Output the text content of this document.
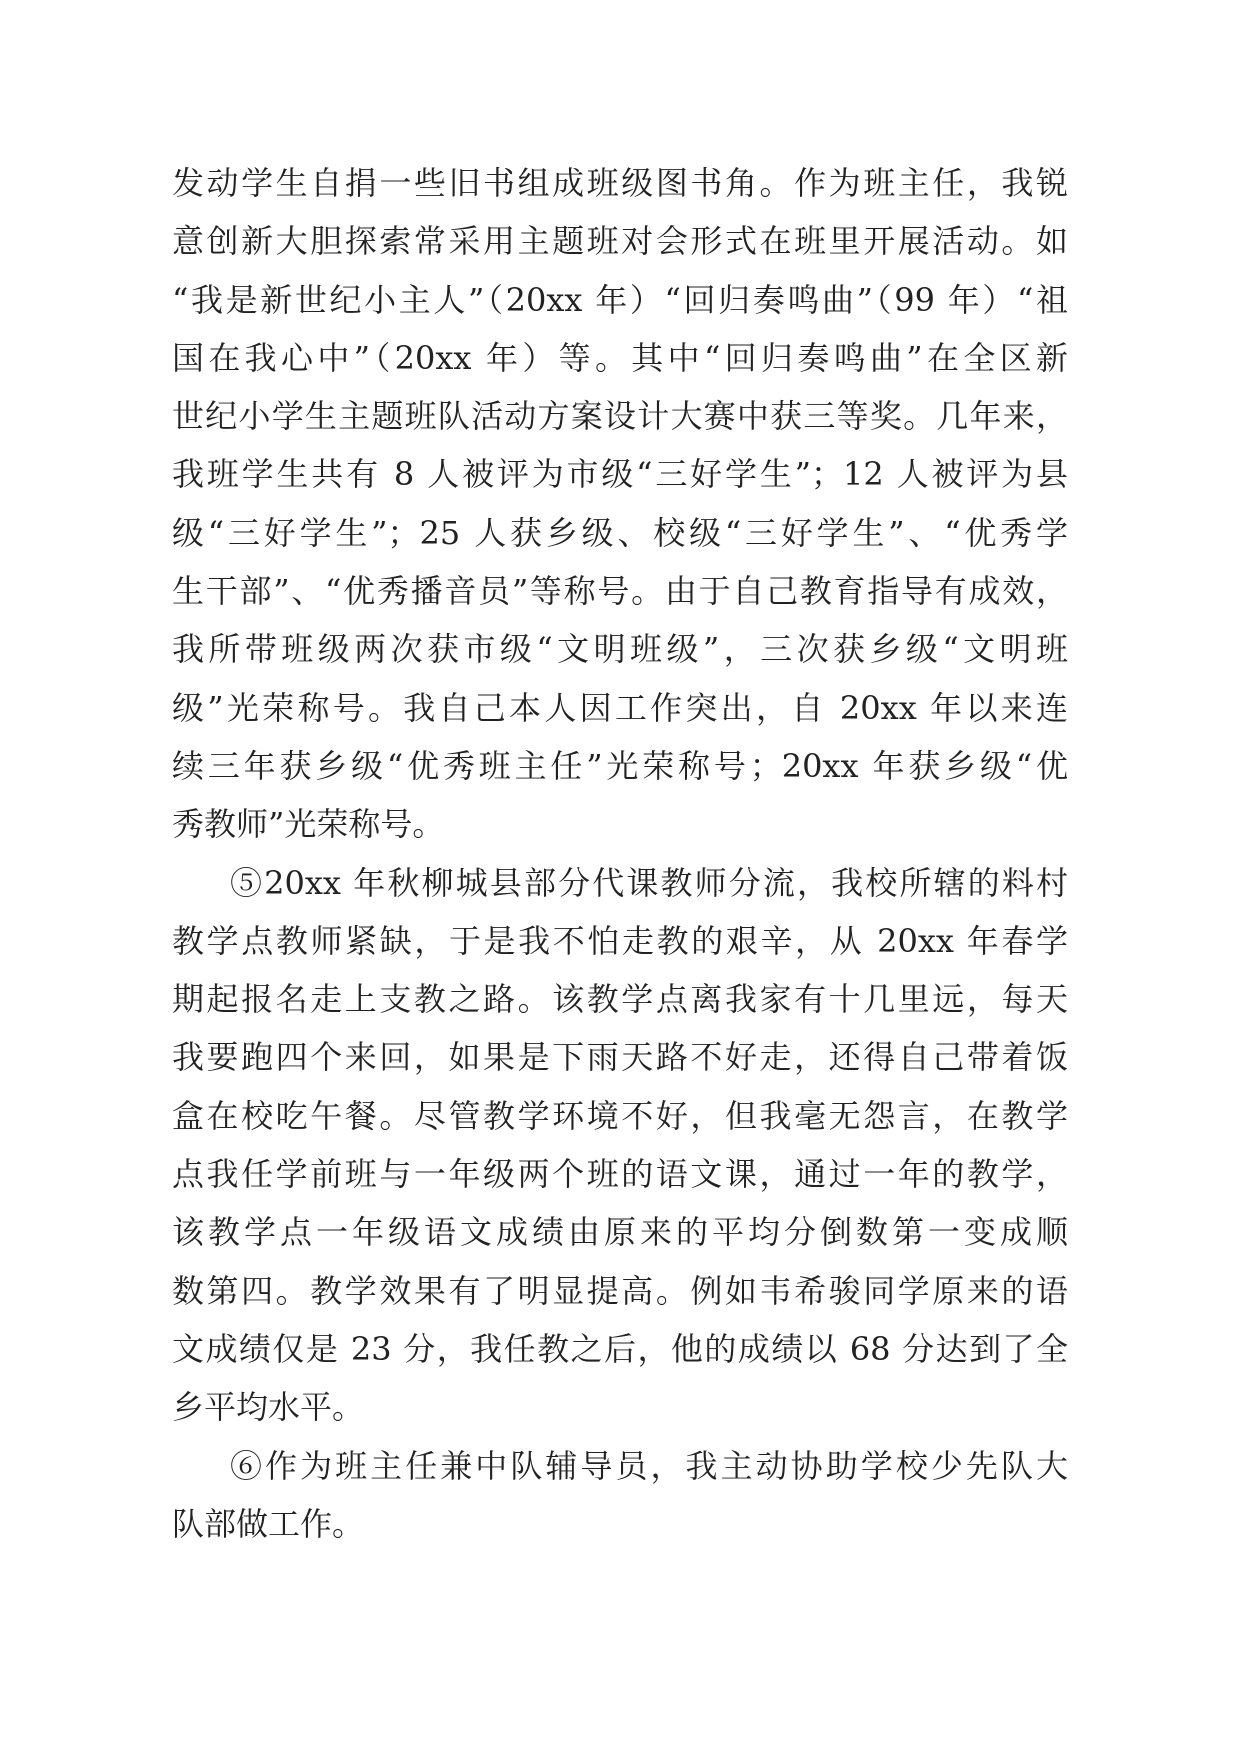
发动学生自捐一些旧书组成班级图书角。作为班主任，我锐
意创新大胆探索常采用主题班对会形式在班里开展活动。如
“我是新世纪小主人”（20xx 年）“回归奏鸣曲”（99 年）“祖
国在我心中”（20xx 年）等。其中“回归奏鸣曲”在全区新
世纪小学生主题班队活动方案设计大赛中获三等奖。几年来，
我班学生共有 8 人被评为市级“三好学生”；12 人被评为县
级“三好学生”；25 人获乡级、校级“三好学生”、“优秀学
生干部”、“优秀播音员”等称号。由于自己教育指导有成效，
我所带班级两次获市级“文明班级”，三次获乡级“文明班
级”光荣称号。我自己本人因工作突出，自 20xx 年以来连
续三年获乡级“优秀班主任”光荣称号；20xx 年获乡级“优
秀教师”光荣称号。
⑤20xx 年秋柳城县部分代课教师分流，我校所辖的料村
教学点教师紧缺，于是我不怕走教的艰辛，从 20xx 年春学
期起报名走上支教之路。该教学点离我家有十几里远，每天
我要跑四个来回，如果是下雨天路不好走，还得自己带着饭
盒在校吃午餐。尽管教学环境不好，但我毫无怨言，在教学
点我任学前班与一年级两个班的语文课，通过一年的教学，
该教学点一年级语文成绩由原来的平均分倒数第一变成顺
数第四。教学效果有了明显提高。例如韦希骏同学原来的语
文成绩仅是 23 分，我任教之后，他的成绩以 68 分达到了全
乡平均水平。
⑥作为班主任兼中队辅导员，我主动协助学校少先队大
队部做工作。
